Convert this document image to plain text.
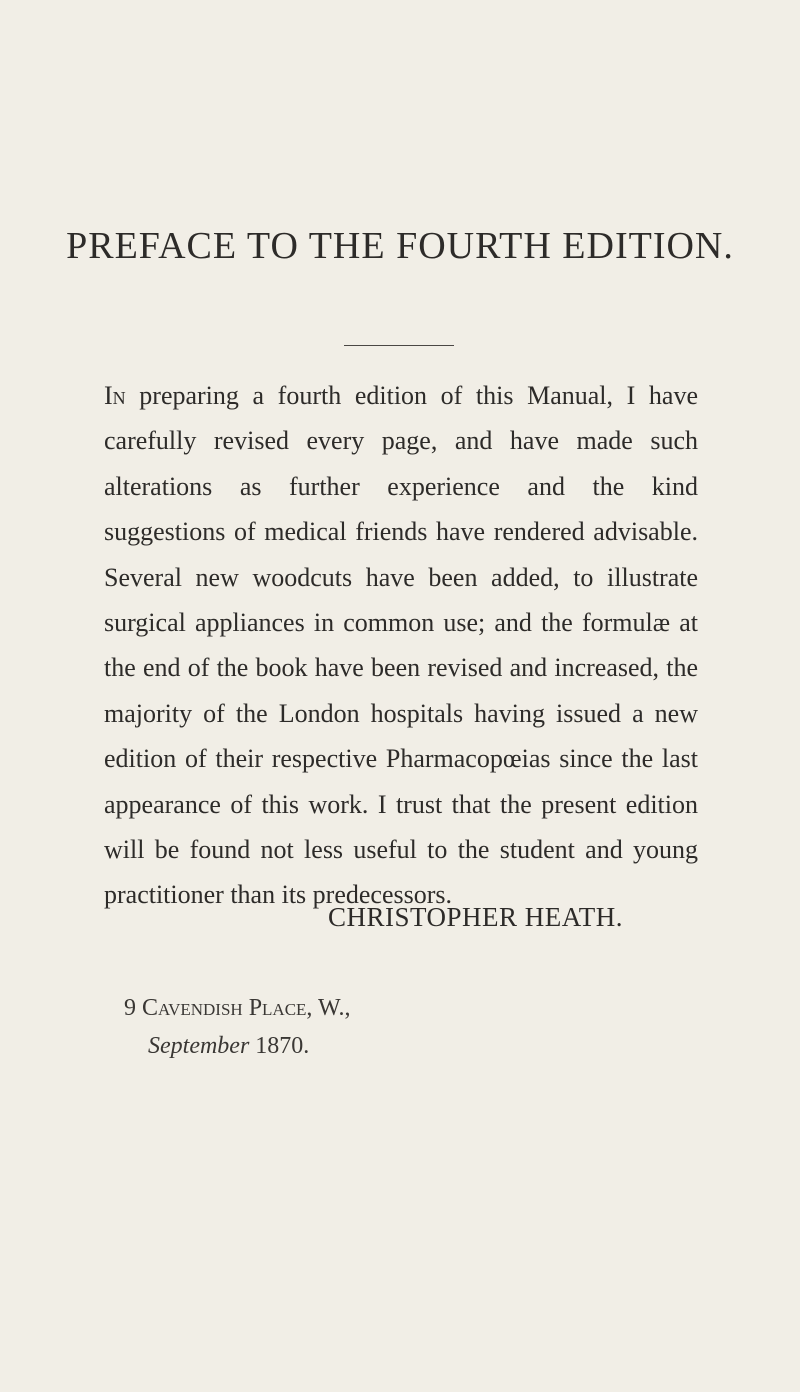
PREFACE TO THE FOURTH EDITION.

In preparing a fourth edition of this Manual, I have carefully revised every page, and have made such alterations as further experience and the kind suggestions of medical friends have rendered advisable. Several new woodcuts have been added, to illustrate surgical appliances in common use; and the formulæ at the end of the book have been revised and increased, the majority of the London hospitals having issued a new edition of their respective Pharmacopœias since the last appearance of this work. I trust that the present edition will be found not less useful to the student and young practitioner than its predecessors.

CHRISTOPHER HEATH.

9 Cavendish Place, W.,

September 1870.
